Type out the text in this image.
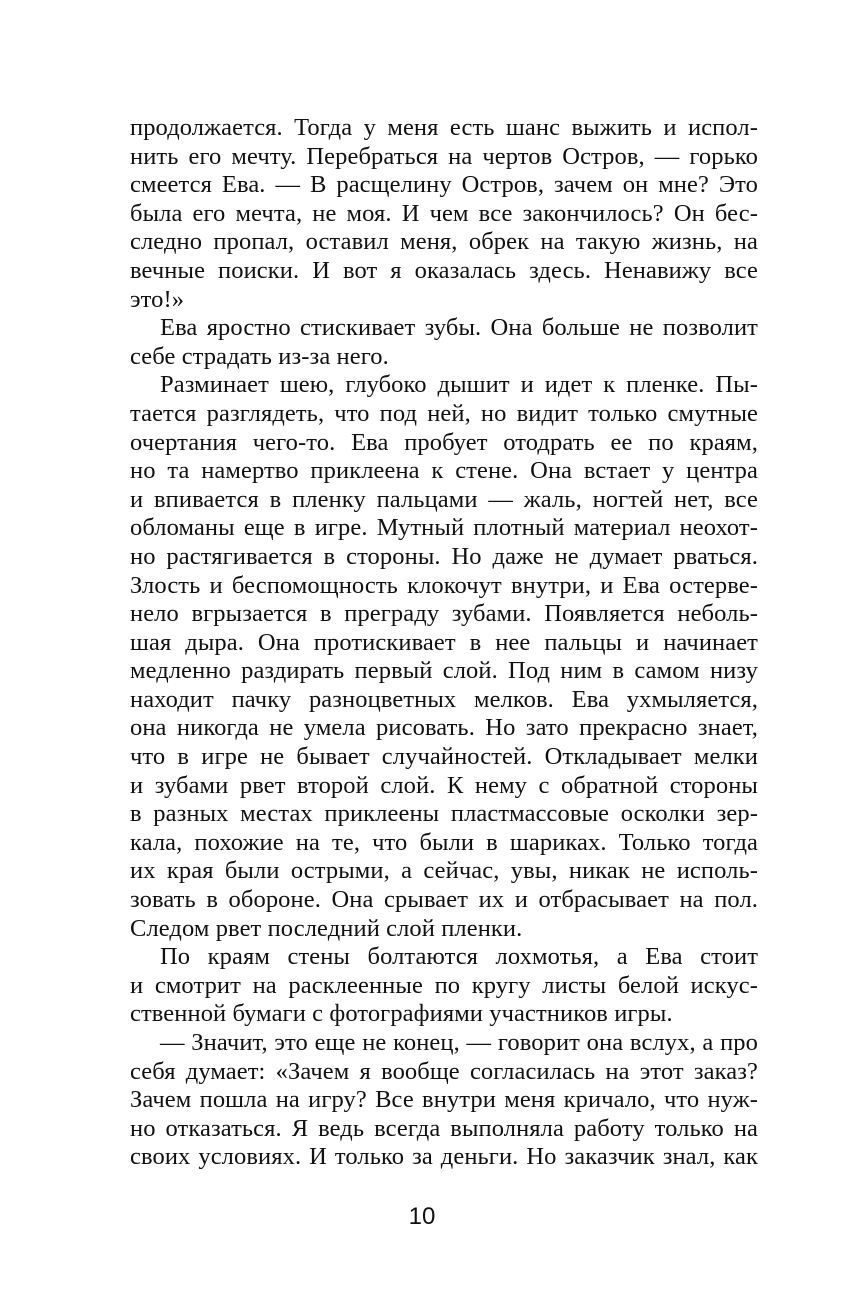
продолжается. Тогда у меня есть шанс выжить и испол-
нить его мечту. Перебраться на чертов Остров, — горько
смеется Ева. — В расщелину Остров, зачем он мне? Это
была его мечта, не моя. И чем все закончилось? Он бес-
следно пропал, оставил меня, обрек на такую жизнь, на
вечные поиски. И вот я оказалась здесь. Ненавижу все
это!»
Ева яростно стискивает зубы. Она больше не позволит
себе страдать из-за него.
Разминает шею, глубоко дышит и идет к пленке. Пы-
тается разглядеть, что под ней, но видит только смутные
очертания чего-то. Ева пробует отодрать ее по краям,
но та намертво приклеена к стене. Она встает у центра
и впивается в пленку пальцами — жаль, ногтей нет, все
обломаны еще в игре. Мутный плотный материал неохот-
но растягивается в стороны. Но даже не думает рваться.
Злость и беспомощность клокочут внутри, и Ева остерве-
нело вгрызается в преграду зубами. Появляется неболь-
шая дыра. Она протискивает в нее пальцы и начинает
медленно раздирать первый слой. Под ним в самом низу
находит пачку разноцветных мелков. Ева ухмыляется,
она никогда не умела рисовать. Но зато прекрасно знает,
что в игре не бывает случайностей. Откладывает мелки
и зубами рвет второй слой. К нему с обратной стороны
в разных местах приклеены пластмассовые осколки зер-
кала, похожие на те, что были в шариках. Только тогда
их края были острыми, а сейчас, увы, никак не исполь-
зовать в обороне. Она срывает их и отбрасывает на пол.
Следом рвет последний слой пленки.
По краям стены болтаются лохмотья, а Ева стоит
и смотрит на расклеенные по кругу листы белой искус-
ственной бумаги с фотографиями участников игры.
— Значит, это еще не конец, — говорит она вслух, а про
себя думает: «Зачем я вообще согласилась на этот заказ?
Зачем пошла на игру? Все внутри меня кричало, что нуж-
но отказаться. Я ведь всегда выполняла работу только на
своих условиях. И только за деньги. Но заказчик знал, как
10
